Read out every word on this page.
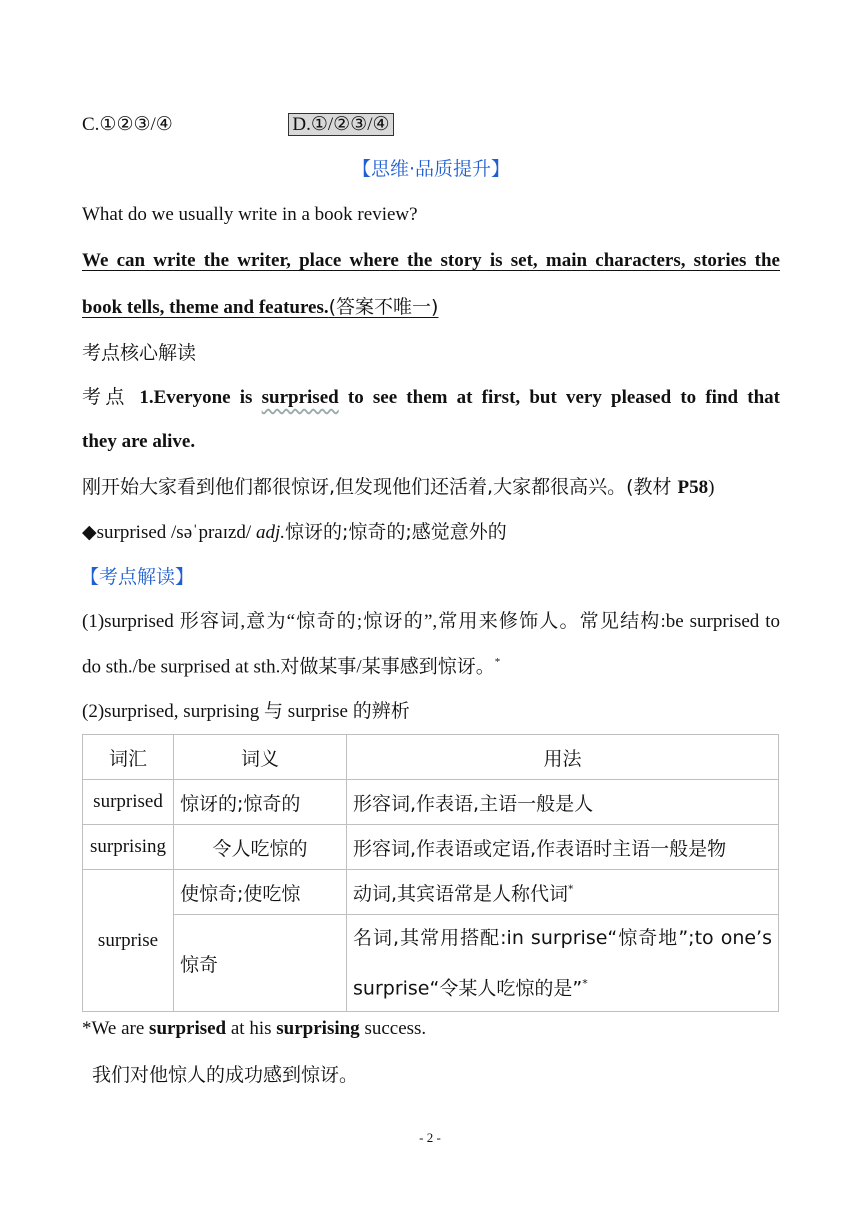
C.①②③/④	D.①/②③/④
【思维·品质提升】
What do we usually write in a book review?
We can write the writer, place where the story is set, main characters, stories the
book tells, theme and features.(答案不唯一)
考点核心解读
考点 1.Everyone is surprised to see them at first, but very pleased to find that
they are alive.
刚开始大家看到他们都很惊讶,但发现他们还活着,大家都很高兴。(教材 P58)
◆surprised /səˈpraɪzd/ adj.惊讶的;惊奇的;感觉意外的
【考点解读】
(1)surprised 形容词,意为“惊奇的;惊讶的”,常用来修饰人。常见结构:be surprised to
do sth./be surprised at sth.对做某事/某事感到惊讶。*
(2)surprised, surprising 与 surprise 的辨析
词汇	词义	用法
surprised	惊讶的;惊奇的	形容词,作表语,主语一般是人
surprising	令人吃惊的	形容词,作表语或定语,作表语时主语一般是物
surprise	使惊奇;使吃惊	动词,其宾语常是人称代词*
	惊奇	名词,其常用搭配:in surprise“惊奇地”;to one’s
surprise“令某人吃惊的是”*
*We are surprised at his surprising success.
我们对他惊人的成功感到惊讶。
- 2 -
